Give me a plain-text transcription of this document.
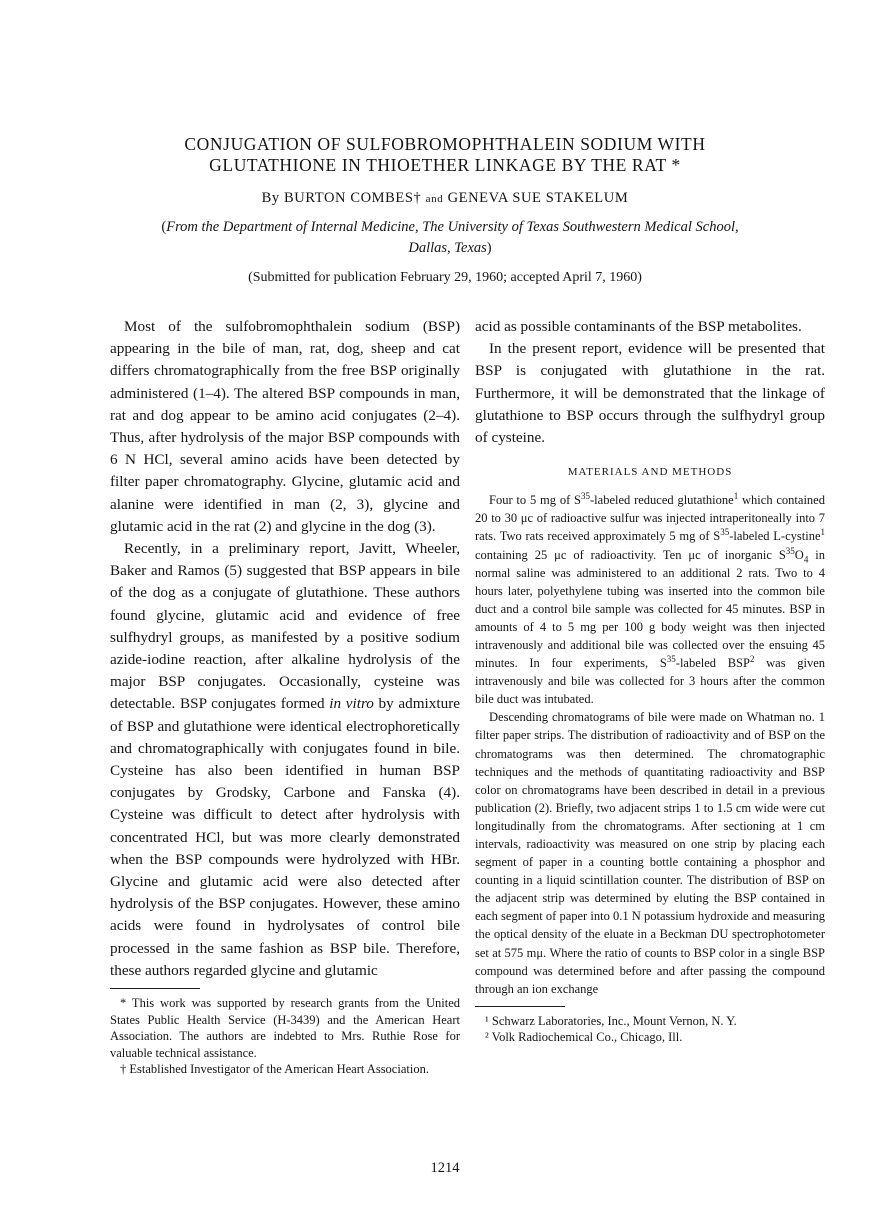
CONJUGATION OF SULFOBROMOPHTHALEIN SODIUM WITH
GLUTATHIONE IN THIOETHER LINKAGE BY THE RAT *
By BURTON COMBES† and GENEVA SUE STAKELUM
(From the Department of Internal Medicine, The University of Texas Southwestern Medical School, Dallas, Texas)
(Submitted for publication February 29, 1960; accepted April 7, 1960)

Most of the sulfobromophthalein sodium (BSP) appearing in the bile of man, rat, dog, sheep and cat differs chromatographically from the free BSP originally administered (1–4). The altered BSP compounds in man, rat and dog appear to be amino acid conjugates (2–4). Thus, after hydrolysis of the major BSP compounds with 6 N HCl, several amino acids have been detected by filter paper chromatography. Glycine, glutamic acid and alanine were identified in man (2, 3), glycine and glutamic acid in the rat (2) and glycine in the dog (3).

Recently, in a preliminary report, Javitt, Wheeler, Baker and Ramos (5) suggested that BSP appears in bile of the dog as a conjugate of glutathione. These authors found glycine, glutamic acid and evidence of free sulfhydryl groups, as manifested by a positive sodium azide-iodine reaction, after alkaline hydrolysis of the major BSP conjugates. Occasionally, cysteine was detectable. BSP conjugates formed in vitro by admixture of BSP and glutathione were identical electrophoretically and chromatographically with conjugates found in bile. Cysteine has also been identified in human BSP conjugates by Grodsky, Carbone and Fanska (4). Cysteine was difficult to detect after hydrolysis with concentrated HCl, but was more clearly demonstrated when the BSP compounds were hydrolyzed with HBr. Glycine and glutamic acid were also detected after hydrolysis of the BSP conjugates. However, these amino acids were found in hydrolysates of control bile processed in the same fashion as BSP bile. Therefore, these authors regarded glycine and glutamic

* This work was supported by research grants from the United States Public Health Service (H-3439) and the American Heart Association. The authors are indebted to Mrs. Ruthie Rose for valuable technical assistance.

† Established Investigator of the American Heart Association.

acid as possible contaminants of the BSP metabolites.

In the present report, evidence will be presented that BSP is conjugated with glutathione in the rat. Furthermore, it will be demonstrated that the linkage of glutathione to BSP occurs through the sulfhydryl group of cysteine.

MATERIALS AND METHODS

Four to 5 mg of $S^{35}$-labeled reduced glutathione$^1$ which contained 20 to 30 μc of radioactive sulfur was injected intraperitoneally into 7 rats. Two rats received approximately 5 mg of $S^{35}$-labeled L-cystine$^1$ containing 25 μc of radioactivity. Ten μc of inorganic $S^{35}O_4$ in normal saline was administered to an additional 2 rats. Two to 4 hours later, polyethylene tubing was inserted into the common bile duct and a control bile sample was collected for 45 minutes. BSP in amounts of 4 to 5 mg per 100 g body weight was then injected intravenously and additional bile was collected over the ensuing 45 minutes. In four experiments, $S^{35}$-labeled BSP$^2$ was given intravenously and bile was collected for 3 hours after the common bile duct was intubated.

Descending chromatograms of bile were made on Whatman no. 1 filter paper strips. The distribution of radioactivity and of BSP on the chromatograms was then determined. The chromatographic techniques and the methods of quantitating radioactivity and BSP color on chromatograms have been described in detail in a previous publication (2). Briefly, two adjacent strips 1 to 1.5 cm wide were cut longitudinally from the chromatograms. After sectioning at 1 cm intervals, radioactivity was measured on one strip by placing each segment of paper in a counting bottle containing a phosphor and counting in a liquid scintillation counter. The distribution of BSP on the adjacent strip was determined by eluting the BSP contained in each segment of paper into 0.1 N potassium hydroxide and measuring the optical density of the eluate in a Beckman DU spectrophotometer set at 575 mμ. Where the ratio of counts to BSP color in a single BSP compound was determined before and after passing the compound through an ion exchange

¹ Schwarz Laboratories, Inc., Mount Vernon, N. Y.

² Volk Radiochemical Co., Chicago, Ill.

1214
